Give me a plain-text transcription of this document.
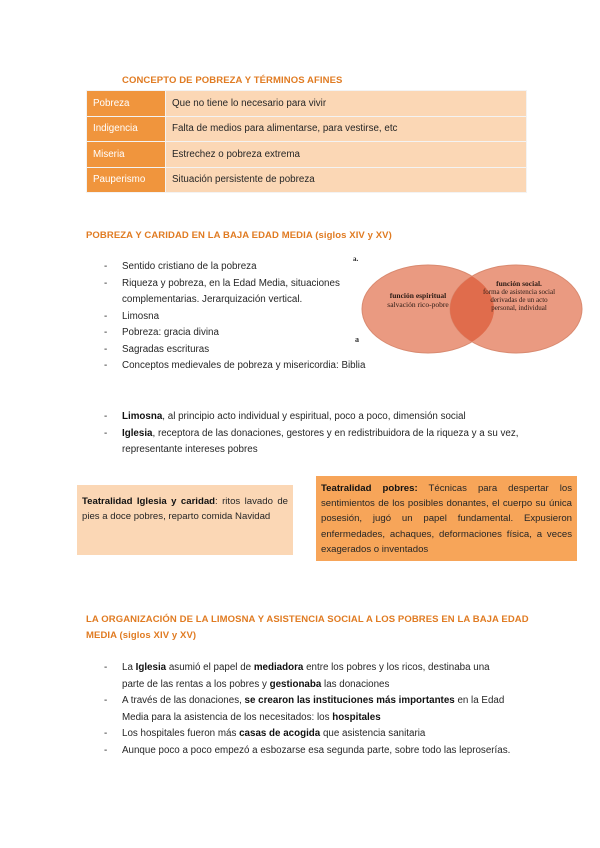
CONCEPTO DE POBREZA Y TÉRMINOS AFINES
Pobreza	Que no tiene lo necesario para vivir
Indigencia	Falta de medios para alimentarse, para vestirse, etc
Miseria	Estrechez o pobreza extrema
Pauperismo	Situación persistente de pobreza
POBREZA Y CARIDAD EN LA BAJA EDAD MEDIA (siglos XIV y XV)
- Sentido cristiano de la pobreza
- Riqueza y pobreza, en la Edad Media, situaciones complementarias. Jerarquización vertical.
- Limosna
- Pobreza: gracia divina
- Sagradas escrituras
- Conceptos medievales de pobreza y misericordia: Biblia
a.
a
función espiritual
salvación rico-pobre
función social.
forma de asistencia social derivadas de un acto personal, individual
- Limosna, al principio acto individual y espiritual, poco a poco, dimensión social
- Iglesia, receptora de las donaciones, gestores y en redistribuidora de la riqueza y a su vez, representante intereses pobres
Teatralidad Iglesia y caridad: ritos lavado de pies a doce pobres, reparto comida Navidad
Teatralidad pobres: Técnicas para despertar los sentimientos de los posibles donantes, el cuerpo su única posesión, jugó un papel fundamental. Expusieron enfermedades, achaques, deformaciones física, a veces exagerados o inventados
LA ORGANIZACIÓN DE LA LIMOSNA Y ASISTENCIA SOCIAL A LOS POBRES EN LA BAJA EDAD
MEDIA (siglos XIV y XV)
- La Iglesia asumió el papel de mediadora entre los pobres y los ricos, destinaba una parte de las rentas a los pobres y gestionaba las donaciones
- A través de las donaciones, se crearon las instituciones más importantes en la Edad Media para la asistencia de los necesitados: los hospitales
- Los hospitales fueron más casas de acogida que asistencia sanitaria
- Aunque poco a poco empezó a esbozarse esa segunda parte, sobre todo las leproserías.
